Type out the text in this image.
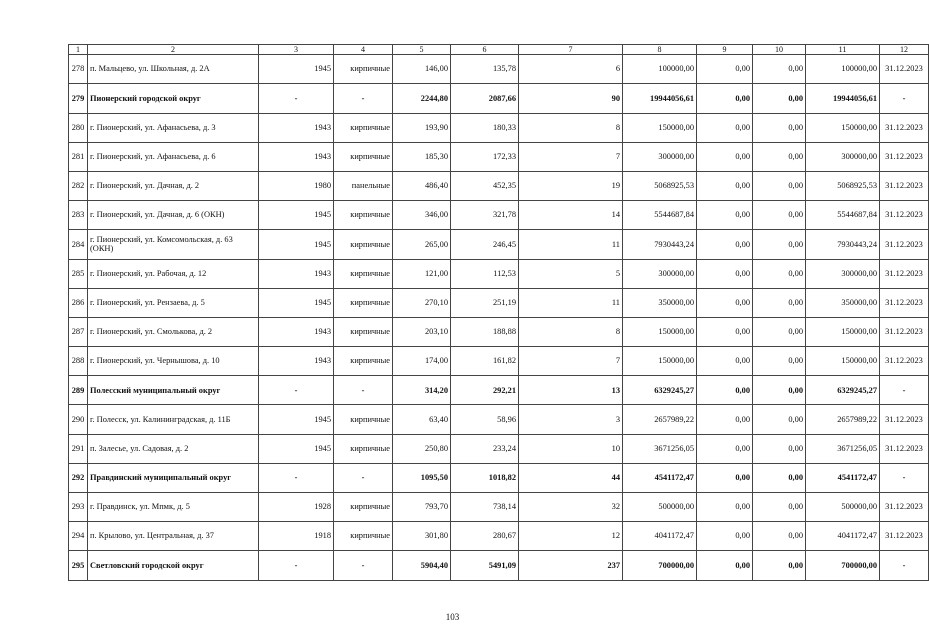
1	2	3	4	5	6	7	8	9	10	11	12
278	п. Мальцево, ул. Школьная, д. 2А	1945	кирпичные	146,00	135,78	6	100000,00	0,00	0,00	100000,00	31.12.2023
279	Пионерский городской округ	-	-	2244,80	2087,66	90	19944056,61	0,00	0,00	19944056,61	-
280	г. Пионерский, ул. Афанасьева, д. 3	1943	кирпичные	193,90	180,33	8	150000,00	0,00	0,00	150000,00	31.12.2023
281	г. Пионерский, ул. Афанасьева, д. 6	1943	кирпичные	185,30	172,33	7	300000,00	0,00	0,00	300000,00	31.12.2023
282	г. Пионерский, ул. Дачная, д. 2	1980	панельные	486,40	452,35	19	5068925,53	0,00	0,00	5068925,53	31.12.2023
283	г. Пионерский, ул. Дачная, д. 6 (ОКН)	1945	кирпичные	346,00	321,78	14	5544687,84	0,00	0,00	5544687,84	31.12.2023
284	г. Пионерский, ул. Комсомольская, д. 63 (ОКН)	1945	кирпичные	265,00	246,45	11	7930443,24	0,00	0,00	7930443,24	31.12.2023
285	г. Пионерский, ул. Рабочая, д. 12	1943	кирпичные	121,00	112,53	5	300000,00	0,00	0,00	300000,00	31.12.2023
286	г. Пионерский, ул. Рензаева, д. 5	1945	кирпичные	270,10	251,19	11	350000,00	0,00	0,00	350000,00	31.12.2023
287	г. Пионерский, ул. Смолькова, д. 2	1943	кирпичные	203,10	188,88	8	150000,00	0,00	0,00	150000,00	31.12.2023
288	г. Пионерский, ул. Чернышова, д. 10	1943	кирпичные	174,00	161,82	7	150000,00	0,00	0,00	150000,00	31.12.2023
289	Полесский муниципальный округ	-	-	314,20	292,21	13	6329245,27	0,00	0,00	6329245,27	-
290	г. Полесск, ул. Калининградская, д. 11Б	1945	кирпичные	63,40	58,96	3	2657989,22	0,00	0,00	2657989,22	31.12.2023
291	п. Залесье, ул. Садовая, д. 2	1945	кирпичные	250,80	233,24	10	3671256,05	0,00	0,00	3671256,05	31.12.2023
292	Правдинский муниципальный округ	-	-	1095,50	1018,82	44	4541172,47	0,00	0,00	4541172,47	-
293	г. Правдинск, ул. Мпмк, д. 5	1928	кирпичные	793,70	738,14	32	500000,00	0,00	0,00	500000,00	31.12.2023
294	п. Крылово, ул. Центральная, д. 37	1918	кирпичные	301,80	280,67	12	4041172,47	0,00	0,00	4041172,47	31.12.2023
295	Светловский городской округ	-	-	5904,40	5491,09	237	700000,00	0,00	0,00	700000,00	-
103
